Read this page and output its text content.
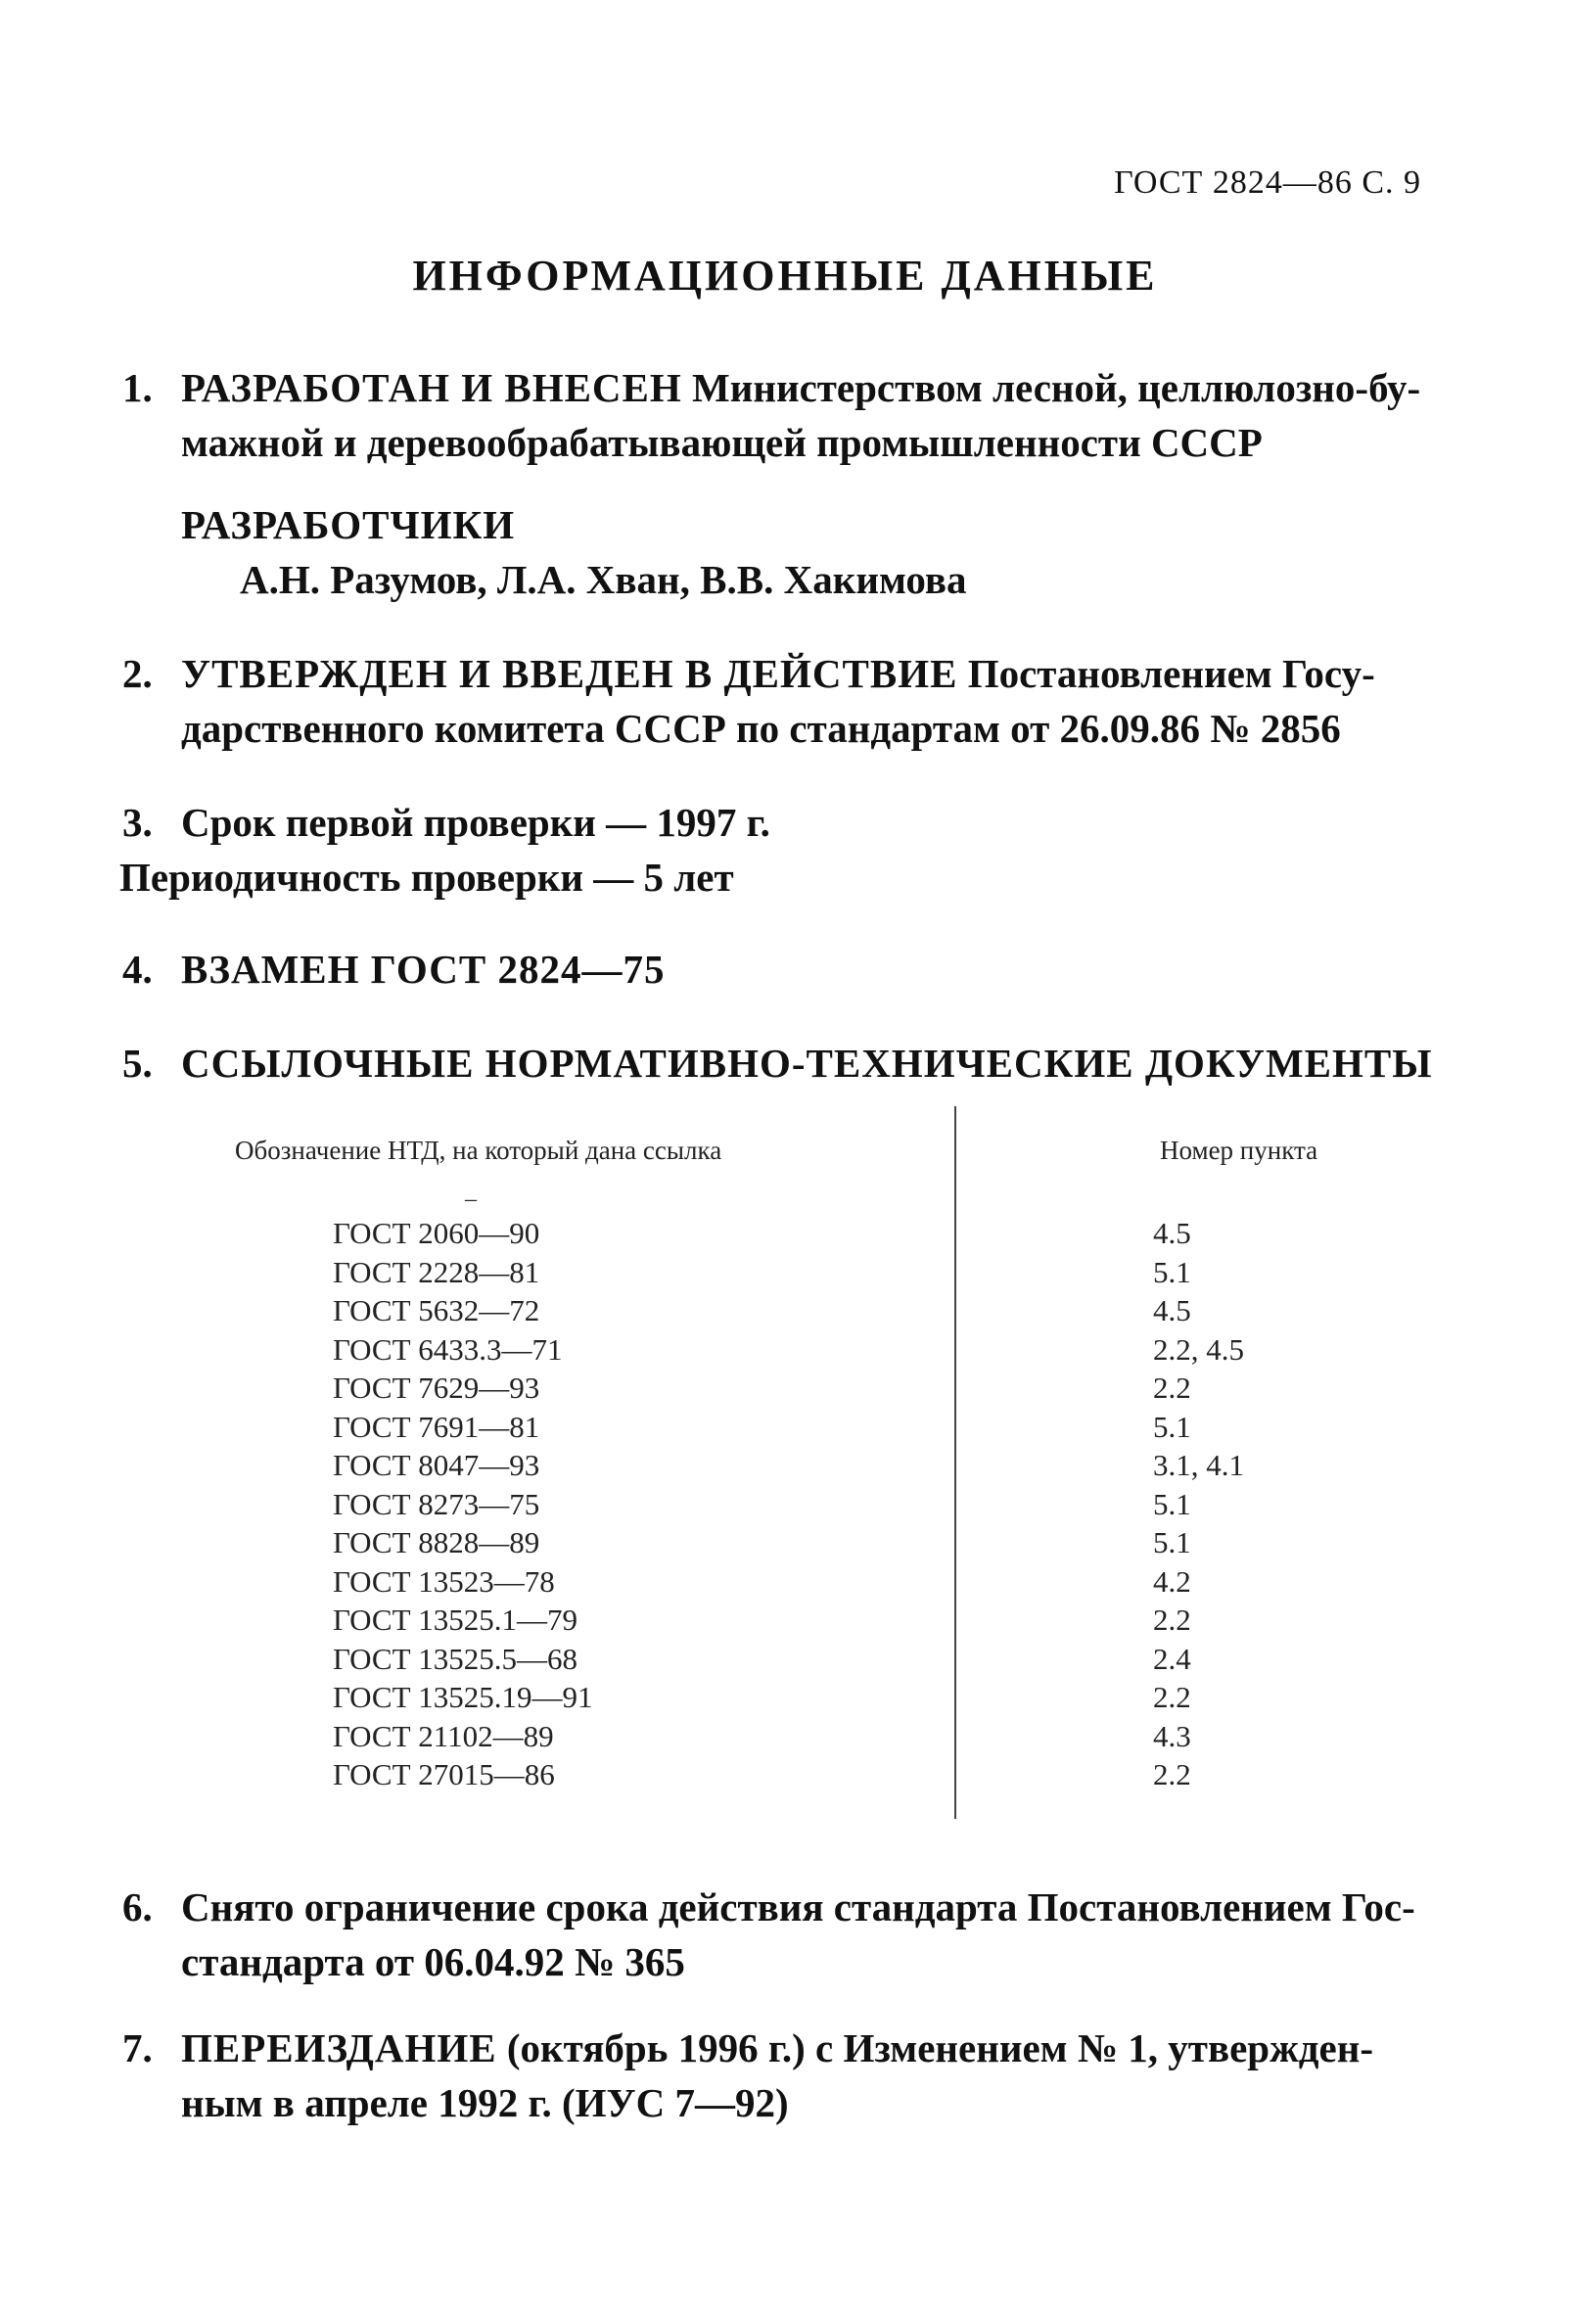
ГОСТ 2824—86 С. 9
ИНФОРМАЦИОННЫЕ ДАННЫЕ
1. РАЗРАБОТАН И ВНЕСЕН Министерством лесной, целлюлозно-бу-
мажной и деревообрабатывающей промышленности СССР
РАЗРАБОТЧИКИ
А.Н. Разумов, Л.А. Хван, В.В. Хакимова
2. УТВЕРЖДЕН И ВВЕДЕН В ДЕЙСТВИЕ Постановлением Госу-
дарственного комитета СССР по стандартам от 26.09.86 № 2856
3. Срок первой проверки — 1997 г.
Периодичность проверки — 5 лет
4. ВЗАМЕН ГОСТ 2824—75
5. ССЫЛОЧНЫЕ НОРМАТИВНО-ТЕХНИЧЕСКИЕ ДОКУМЕНТЫ
Обозначение НТД, на который дана ссылка	Номер пункта
–
ГОСТ 2060—90
ГОСТ 2228—81
ГОСТ 5632—72
ГОСТ 6433.3—71
ГОСТ 7629—93
ГОСТ 7691—81
ГОСТ 8047—93
ГОСТ 8273—75
ГОСТ 8828—89
ГОСТ 13523—78
ГОСТ 13525.1—79
ГОСТ 13525.5—68
ГОСТ 13525.19—91
ГОСТ 21102—89
ГОСТ 27015—86
4.5
5.1
4.5
2.2, 4.5
2.2
5.1
3.1, 4.1
5.1
5.1
4.2
2.2
2.4
2.2
4.3
2.2
6. Снято ограничение срока действия стандарта Постановлением Гос-
стандарта от 06.04.92 № 365
7. ПЕРЕИЗДАНИЕ (октябрь 1996 г.) с Изменением № 1, утвержден-
ным в апреле 1992 г. (ИУС 7—92)
